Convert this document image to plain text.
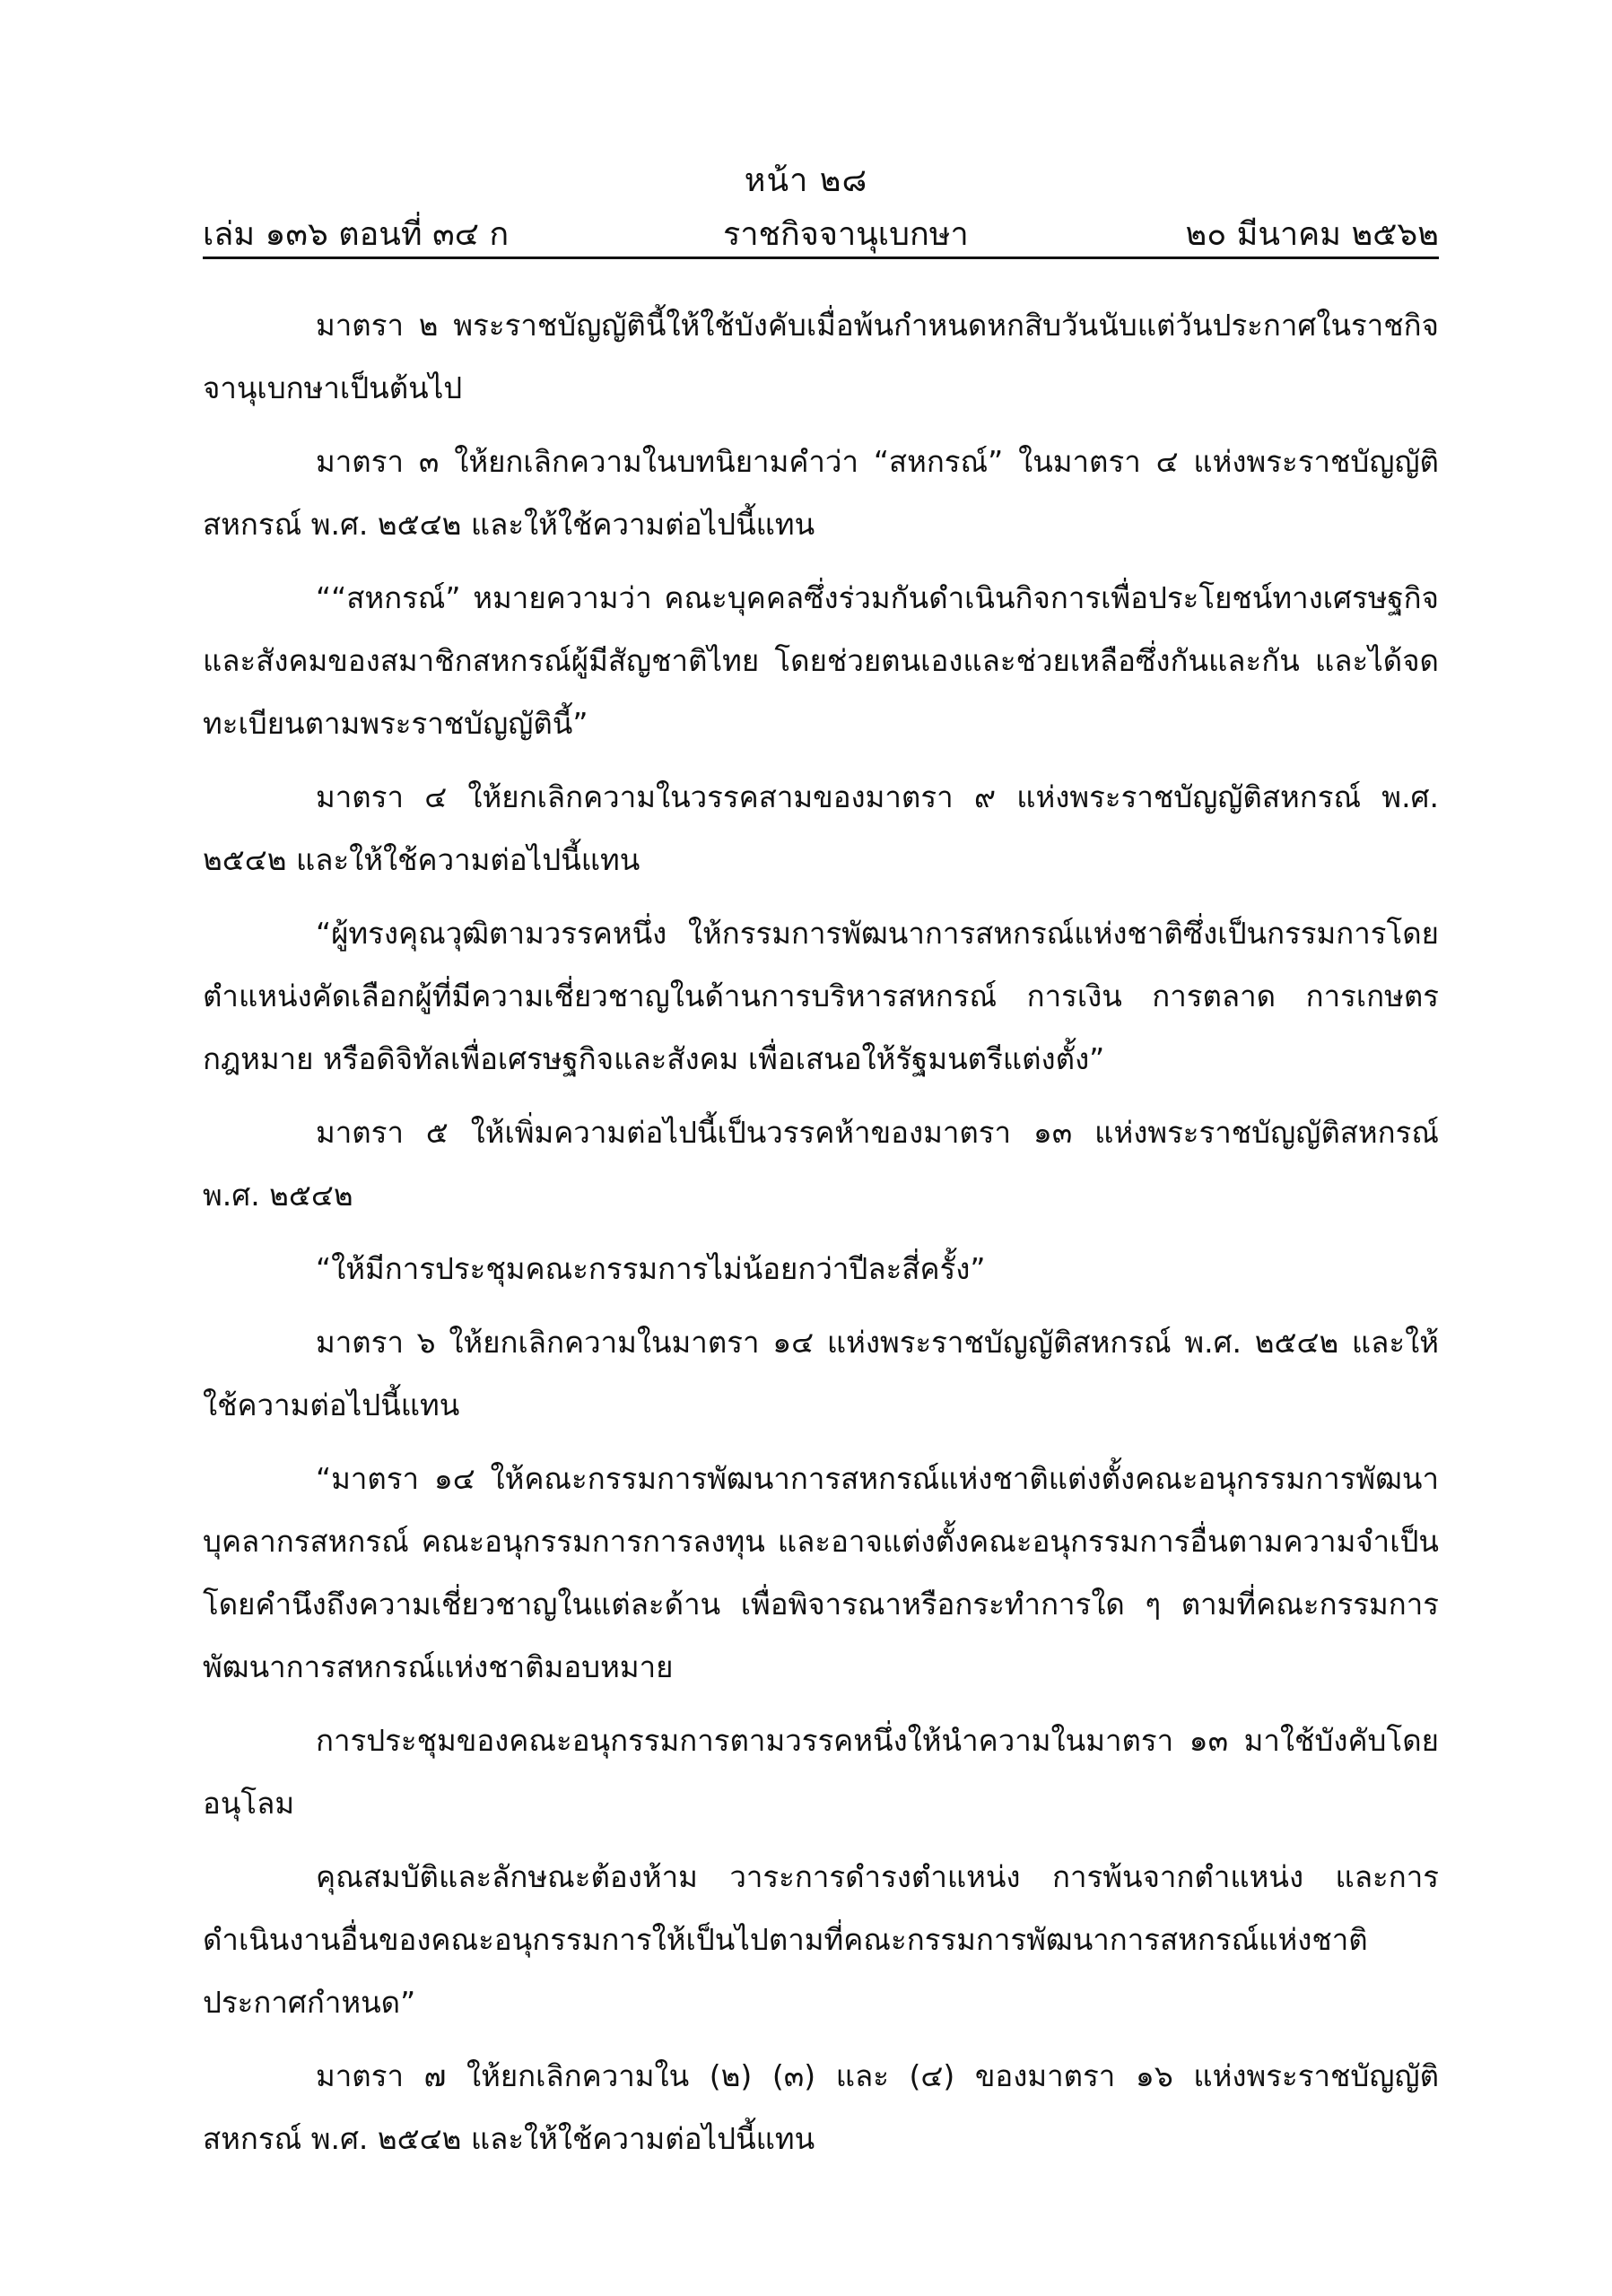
หน้า ๒๘
เล่ม ๑๓๖ ตอนที่ ๓๔ ก	ราชกิจจานุเบกษา	๒๐ มีนาคม ๒๕๖๒

มาตรา ๒ พระราชบัญญัตินี้ให้ใช้บังคับเมื่อพ้นกำหนดหกสิบวันนับแต่วันประกาศในราชกิจจานุเบกษาเป็นต้นไป

มาตรา ๓ ให้ยกเลิกความในบทนิยามคำว่า “สหกรณ์” ในมาตรา ๔ แห่งพระราชบัญญัติสหกรณ์ พ.ศ. ๒๕๔๒ และให้ใช้ความต่อไปนี้แทน

““สหกรณ์” หมายความว่า คณะบุคคลซึ่งร่วมกันดำเนินกิจการเพื่อประโยชน์ทางเศรษฐกิจและสังคมของสมาชิกสหกรณ์ผู้มีสัญชาติไทย โดยช่วยตนเองและช่วยเหลือซึ่งกันและกัน และได้จดทะเบียนตามพระราชบัญญัตินี้”

มาตรา ๔ ให้ยกเลิกความในวรรคสามของมาตรา ๙ แห่งพระราชบัญญัติสหกรณ์ พ.ศ. ๒๕๔๒ และให้ใช้ความต่อไปนี้แทน

“ผู้ทรงคุณวุฒิตามวรรคหนึ่ง ให้กรรมการพัฒนาการสหกรณ์แห่งชาติซึ่งเป็นกรรมการโดยตำแหน่งคัดเลือกผู้ที่มีความเชี่ยวชาญในด้านการบริหารสหกรณ์ การเงิน การตลาด การเกษตร กฎหมาย หรือดิจิทัลเพื่อเศรษฐกิจและสังคม เพื่อเสนอให้รัฐมนตรีแต่งตั้ง”

มาตรา ๕ ให้เพิ่มความต่อไปนี้เป็นวรรคห้าของมาตรา ๑๓ แห่งพระราชบัญญัติสหกรณ์ พ.ศ. ๒๕๔๒

“ให้มีการประชุมคณะกรรมการไม่น้อยกว่าปีละสี่ครั้ง”

มาตรา ๖ ให้ยกเลิกความในมาตรา ๑๔ แห่งพระราชบัญญัติสหกรณ์ พ.ศ. ๒๕๔๒ และให้ใช้ความต่อไปนี้แทน

“มาตรา ๑๔ ให้คณะกรรมการพัฒนาการสหกรณ์แห่งชาติแต่งตั้งคณะอนุกรรมการพัฒนาบุคลากรสหกรณ์ คณะอนุกรรมการการลงทุน และอาจแต่งตั้งคณะอนุกรรมการอื่นตามความจำเป็นโดยคำนึงถึงความเชี่ยวชาญในแต่ละด้าน เพื่อพิจารณาหรือกระทำการใด ๆ ตามที่คณะกรรมการพัฒนาการสหกรณ์แห่งชาติมอบหมาย

การประชุมของคณะอนุกรรมการตามวรรคหนึ่งให้นำความในมาตรา ๑๓ มาใช้บังคับโดยอนุโลม

คุณสมบัติและลักษณะต้องห้าม วาระการดำรงตำแหน่ง การพ้นจากตำแหน่ง และการดำเนินงานอื่นของคณะอนุกรรมการให้เป็นไปตามที่คณะกรรมการพัฒนาการสหกรณ์แห่งชาติประกาศกำหนด”

มาตรา ๗ ให้ยกเลิกความใน (๒) (๓) และ (๔) ของมาตรา ๑๖ แห่งพระราชบัญญัติสหกรณ์ พ.ศ. ๒๕๔๒ และให้ใช้ความต่อไปนี้แทน
